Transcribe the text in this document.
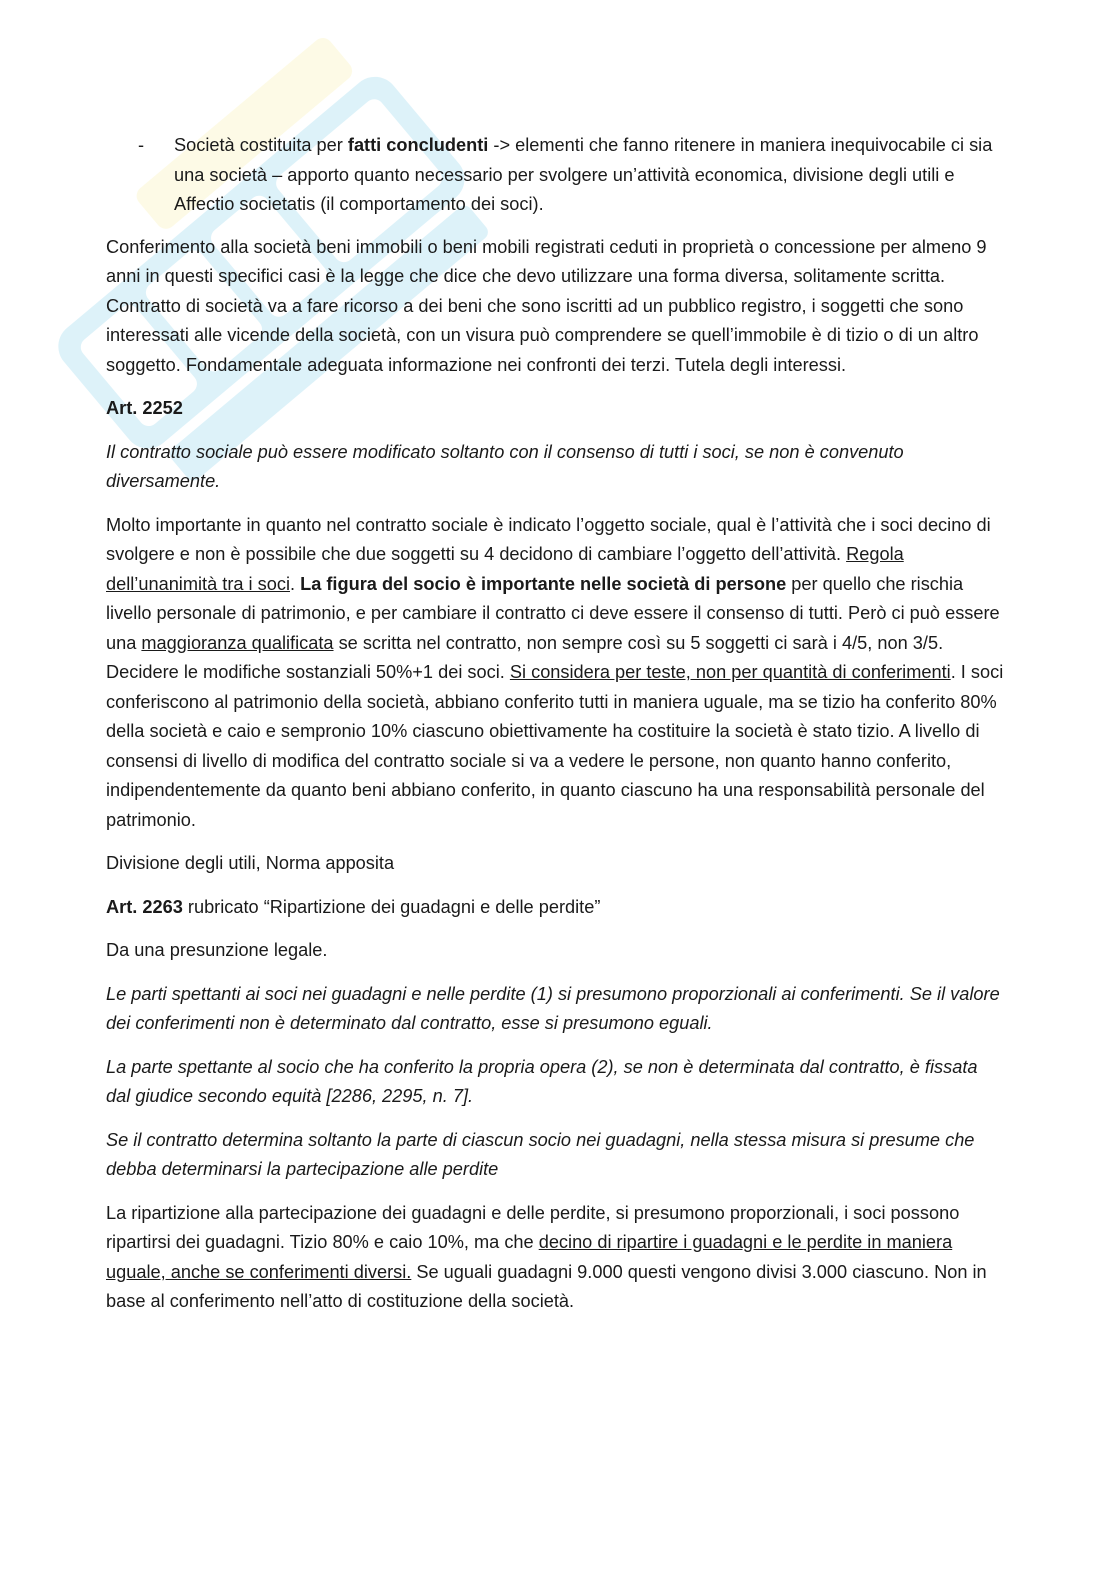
- Società costituita per fatti concludenti -> elementi che fanno ritenere in maniera inequivocabile ci sia una società – apporto quanto necessario per svolgere un’attività economica, divisione degli utili e Affectio societatis (il comportamento dei soci).

Conferimento alla società beni immobili o beni mobili registrati ceduti in proprietà o concessione per almeno 9 anni in questi specifici casi è la legge che dice che devo utilizzare una forma diversa, solitamente scritta. Contratto di società va a fare ricorso a dei beni che sono iscritti ad un pubblico registro, i soggetti che sono interessati alle vicende della società, con un visura può comprendere se quell’immobile è di tizio o di un altro soggetto. Fondamentale adeguata informazione nei confronti dei terzi. Tutela degli interessi.

Art. 2252

Il contratto sociale può essere modificato soltanto con il consenso di tutti i soci, se non è convenuto diversamente.

Molto importante in quanto nel contratto sociale è indicato l’oggetto sociale, qual è l’attività che i soci decino di svolgere e non è possibile che due soggetti su 4 decidono di cambiare l’oggetto dell’attività. Regola dell’unanimità tra i soci. La figura del socio è importante nelle società di persone per quello che rischia livello personale di patrimonio, e per cambiare il contratto ci deve essere il consenso di tutti. Però ci può essere una maggioranza qualificata se scritta nel contratto, non sempre così su 5 soggetti ci sarà i 4/5, non 3/5. Decidere le modifiche sostanziali 50%+1 dei soci. Si considera per teste, non per quantità di conferimenti. I soci conferiscono al patrimonio della società, abbiano conferito tutti in maniera uguale, ma se tizio ha conferito 80% della società e caio e sempronio 10% ciascuno obiettivamente ha costituire la società è stato tizio. A livello di consensi di livello di modifica del contratto sociale si va a vedere le persone, non quanto hanno conferito, indipendentemente da quanto beni abbiano conferito, in quanto ciascuno ha una responsabilità personale del patrimonio.

Divisione degli utili, Norma apposita

Art. 2263 rubricato “Ripartizione dei guadagni e delle perdite”

Da una presunzione legale.

Le parti spettanti ai soci nei guadagni e nelle perdite (1) si presumono proporzionali ai conferimenti. Se il valore dei conferimenti non è determinato dal contratto, esse si presumono eguali.

La parte spettante al socio che ha conferito la propria opera (2), se non è determinata dal contratto, è fissata dal giudice secondo equità [2286, 2295, n. 7].

Se il contratto determina soltanto la parte di ciascun socio nei guadagni, nella stessa misura si presume che debba determinarsi la partecipazione alle perdite

La ripartizione alla partecipazione dei guadagni e delle perdite, si presumono proporzionali, i soci possono ripartirsi dei guadagni. Tizio 80% e caio 10%, ma che decino di ripartire i guadagni e le perdite in maniera uguale, anche se conferimenti diversi. Se uguali guadagni 9.000 questi vengono divisi 3.000 ciascuno. Non in base al conferimento nell’atto di costituzione della società.
